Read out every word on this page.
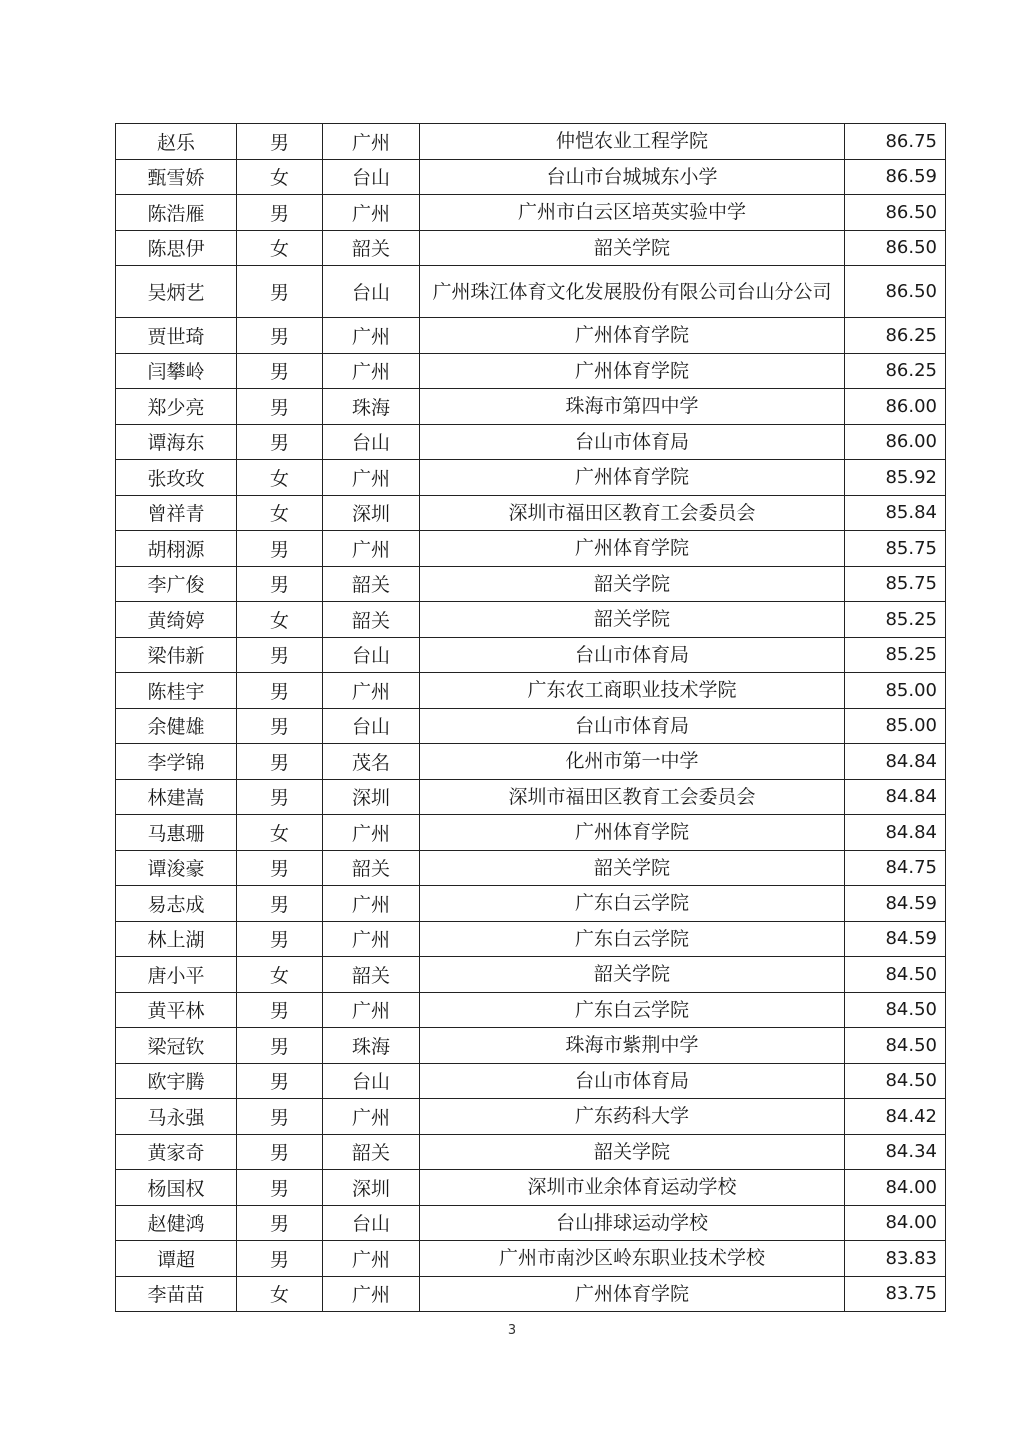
赵乐	男	广州	仲恺农业工程学院	86.75
甄雪娇	女	台山	台山市台城城东小学	86.59
陈浩雁	男	广州	广州市白云区培英实验中学	86.50
陈思伊	女	韶关	韶关学院	86.50
吴炳艺	男	台山	广州珠江体育文化发展股份有限公司台山分公司	86.50
贾世琦	男	广州	广州体育学院	86.25
闫攀岭	男	广州	广州体育学院	86.25
郑少亮	男	珠海	珠海市第四中学	86.00
谭海东	男	台山	台山市体育局	86.00
张玫玫	女	广州	广州体育学院	85.92
曾祥青	女	深圳	深圳市福田区教育工会委员会	85.84
胡栩源	男	广州	广州体育学院	85.75
李广俊	男	韶关	韶关学院	85.75
黄绮婷	女	韶关	韶关学院	85.25
梁伟新	男	台山	台山市体育局	85.25
陈桂宇	男	广州	广东农工商职业技术学院	85.00
余健雄	男	台山	台山市体育局	85.00
李学锦	男	茂名	化州市第一中学	84.84
林建嵩	男	深圳	深圳市福田区教育工会委员会	84.84
马惠珊	女	广州	广州体育学院	84.84
谭浚豪	男	韶关	韶关学院	84.75
易志成	男	广州	广东白云学院	84.59
林上湖	男	广州	广东白云学院	84.59
唐小平	女	韶关	韶关学院	84.50
黄平林	男	广州	广东白云学院	84.50
梁冠钦	男	珠海	珠海市紫荆中学	84.50
欧宇腾	男	台山	台山市体育局	84.50
马永强	男	广州	广东药科大学	84.42
黄家奇	男	韶关	韶关学院	84.34
杨国权	男	深圳	深圳市业余体育运动学校	84.00
赵健鸿	男	台山	台山排球运动学校	84.00
谭超	男	广州	广州市南沙区岭东职业技术学校	83.83
李苗苗	女	广州	广州体育学院	83.75
3
